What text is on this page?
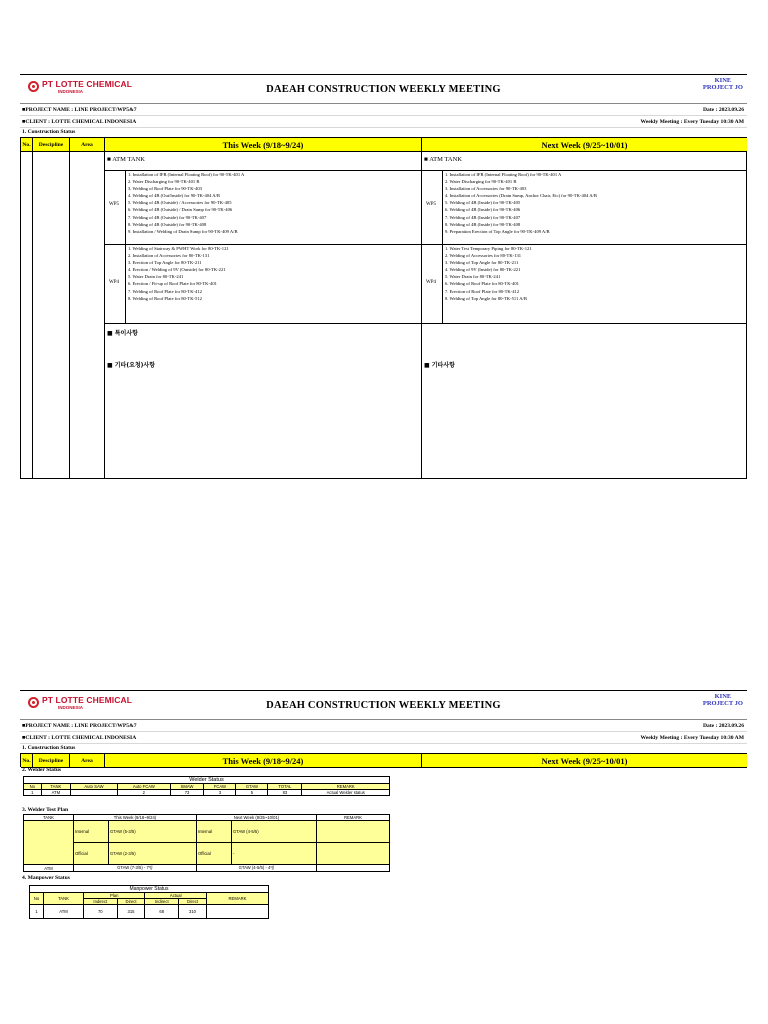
PT LOTTE CHEMICAL
INDONESIA	DAEAH CONSTRUCTION WEEKLY MEETING
KINE
PROJECT JO
■PROJECT NAME : LINE PROJECT/WP5&7	Date : 2023.09.26
■CLIENT : LOTTE CHEMICAL INDONESIA	Weekly Meeting : Every Tuesday 10:30 AM
1. Construction Status
No.	Descipline	Area	This Week (9/18~9/24)	Next Week (9/25~10/01)
■ ATM TANK
WP5
1. Installation of IFR (Internal Floating Roof) for 90-TK-401 A
2. Water Discharging for 90-TK-401 B
3. Welding of Roof Plate for 90-TK-403
4. Welding of 4B (Out/Inside) for 90-TK-404 A/B
5. Welding of 4B (Outside) / Accessories for 90-TK-405
6. Welding of 4B (Outside) / Drain Sump for 90-TK-406
7. Welding of 4B (Outside) for 90-TK-407
8. Welding of 4B (Outside) for 90-TK-408
9. Installation / Welding of Drain Sump for 90-TK-409 A/B
WP4
1. Welding of Stairway & PWHT Work for 80-TK-121
2. Installation of Accessories for 80-TK-131
3. Erection of Top Angle for 80-TK-211
4. Erection / Welding of 9V (Outside) for 80-TK-221
5. Water Drain for 80-TK-241
6. Erection / Fit-up of Roof Plate for 80-TK-401
7. Welding of Roof Plate for 80-TK-412
8. Welding of Roof Plate for 80-TK-512
■ 특이사항
■ 기타(요청)사항
■ ATM TANK
WP5
1. Installation of IFR (Internal Floating Roof) for 90-TK-401 A
2. Water Discharging for 90-TK-401 B
3. Installation of Accessories for 90-TK-403
4. Installation of Accessories (Drain Sump, Anchor Chair, Etc) for 90-TK-404 A/B
5. Welding of 4B (Inside) for 90-TK-405
6. Welding of 4B (Inside) for 90-TK-406
7. Welding of 4B (Inside) for 90-TK-407
8. Welding of 4B (Inside) for 90-TK-408
9. Preparation Erection of Top Angle for 90-TK-409 A/B
WP4
1. Water Test Temporary Piping for 80-TK-121
2. Welding of Accessories for 80-TK-131
3. Welding of Top Angle for 80-TK-211
4. Welding of 9V (Inside) for 80-TK-221
5. Water Drain for 80-TK-241
6. Welding of Roof Plate for 80-TK-401
7. Erection of Roof Plate for 80-TK-412
8. Welding of Top Angle for 80-TK-511 A/B
■ 기타사항
PT LOTTE CHEMICAL
INDONESIA	DAEAH CONSTRUCTION WEEKLY MEETING
KINE
PROJECT JO
■PROJECT NAME : LINE PROJECT/WP5&7	Date : 2023.09.26
■CLIENT : LOTTE CHEMICAL INDONESIA	Weekly Meeting : Every Tuesday 10:30 AM
1. Construction Status
No.	Descipline	Area	This Week (9/18~9/24)	Next Week (9/25~10/01)
2. Welder Status
Welder Status								
No	TANK	Auto SAW	Auto FCAW	SMAW	FCAW	GTAW	TOTAL	REMARK
1	ATM		2	73	3	5	83	Actual Welder status
3. Welder Test Plan
TANK	This Week (9/18~9/24)		Next Week (9/25~10/01)		REMARK
	Internal	GTAW (5-3/5)	Internal	GTAW (4-5/5)	
	Official	GTAW (2-3/5)	Official	-	
ATM	GTAW (7-3/5) - 7명		GTAW (4-5/5) - 4명		
4. Manpower Status
Manpower Status						
No	TANK	Plan		Actual		REMARK
		Indirect	Direct	Indirect	Direct	
1	ATM	70	315	68	310	
